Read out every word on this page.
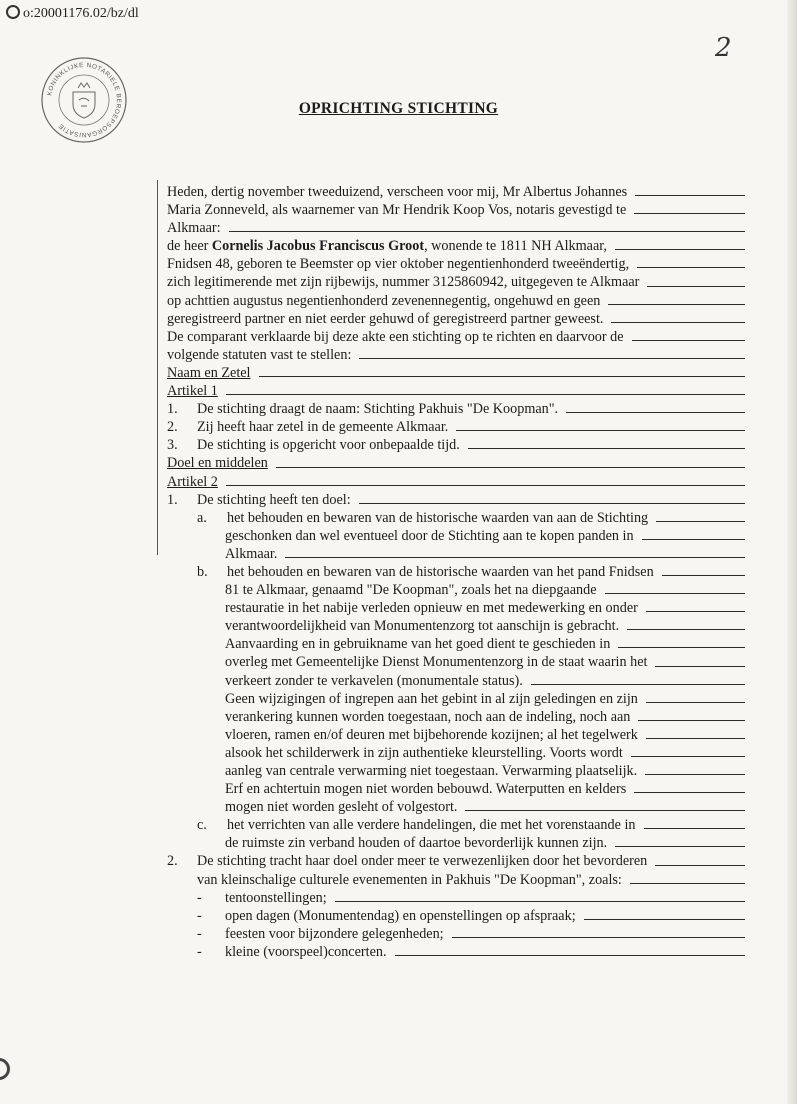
o:20001176.02/bz/dl
2
KONINKLIJKE NOTARIELE BEROEPSORGANISATIE
OPRICHTING STICHTING
Heden, dertig november tweeduizend, verscheen voor mij, Mr Albertus Johannes
Maria Zonneveld, als waarnemer van Mr Hendrik Koop Vos, notaris gevestigd te
Alkmaar:
de heer Cornelis Jacobus Franciscus Groot, wonende te 1811 NH Alkmaar,
Fnidsen 48, geboren te Beemster op vier oktober negentienhonderd tweeëndertig,
zich legitimerende met zijn rijbewijs, nummer 3125860942, uitgegeven te Alkmaar
op achttien augustus negentienhonderd zevenennegentig, ongehuwd en geen
geregistreerd partner en niet eerder gehuwd of geregistreerd partner geweest.
De comparant verklaarde bij deze akte een stichting op te richten en daarvoor de
volgende statuten vast te stellen:
Naam en Zetel
Artikel 1
1. De stichting draagt de naam: Stichting Pakhuis "De Koopman".
2. Zij heeft haar zetel in de gemeente Alkmaar.
3. De stichting is opgericht voor onbepaalde tijd.
Doel en middelen
Artikel 2
1. De stichting heeft ten doel:
a. het behouden en bewaren van de historische waarden van aan de Stichting
geschonken dan wel eventueel door de Stichting aan te kopen panden in
Alkmaar.
b. het behouden en bewaren van de historische waarden van het pand Fnidsen
81 te Alkmaar, genaamd "De Koopman", zoals het na diepgaande
restauratie in het nabije verleden opnieuw en met medewerking en onder
verantwoordelijkheid van Monumentenzorg tot aanschijn is gebracht.
Aanvaarding en in gebruikname van het goed dient te geschieden in
overleg met Gemeentelijke Dienst Monumentenzorg in de staat waarin het
verkeert zonder te verkavelen (monumentale status).
Geen wijzigingen of ingrepen aan het gebint in al zijn geledingen en zijn
verankering kunnen worden toegestaan, noch aan de indeling, noch aan
vloeren, ramen en/of deuren met bijbehorende kozijnen; al het tegelwerk
alsook het schilderwerk in zijn authentieke kleurstelling. Voorts wordt
aanleg van centrale verwarming niet toegestaan. Verwarming plaatselijk.
Erf en achtertuin mogen niet worden bebouwd. Waterputten en kelders
mogen niet worden gesleht of volgestort.
c. het verrichten van alle verdere handelingen, die met het vorenstaande in
de ruimste zin verband houden of daartoe bevorderlijk kunnen zijn.
2. De stichting tracht haar doel onder meer te verwezenlijken door het bevorderen
van kleinschalige culturele evenementen in Pakhuis "De Koopman", zoals:
- tentoonstellingen;
- open dagen (Monumentendag) en openstellingen op afspraak;
- feesten voor bijzondere gelegenheden;
- kleine (voorspeel)concerten.
